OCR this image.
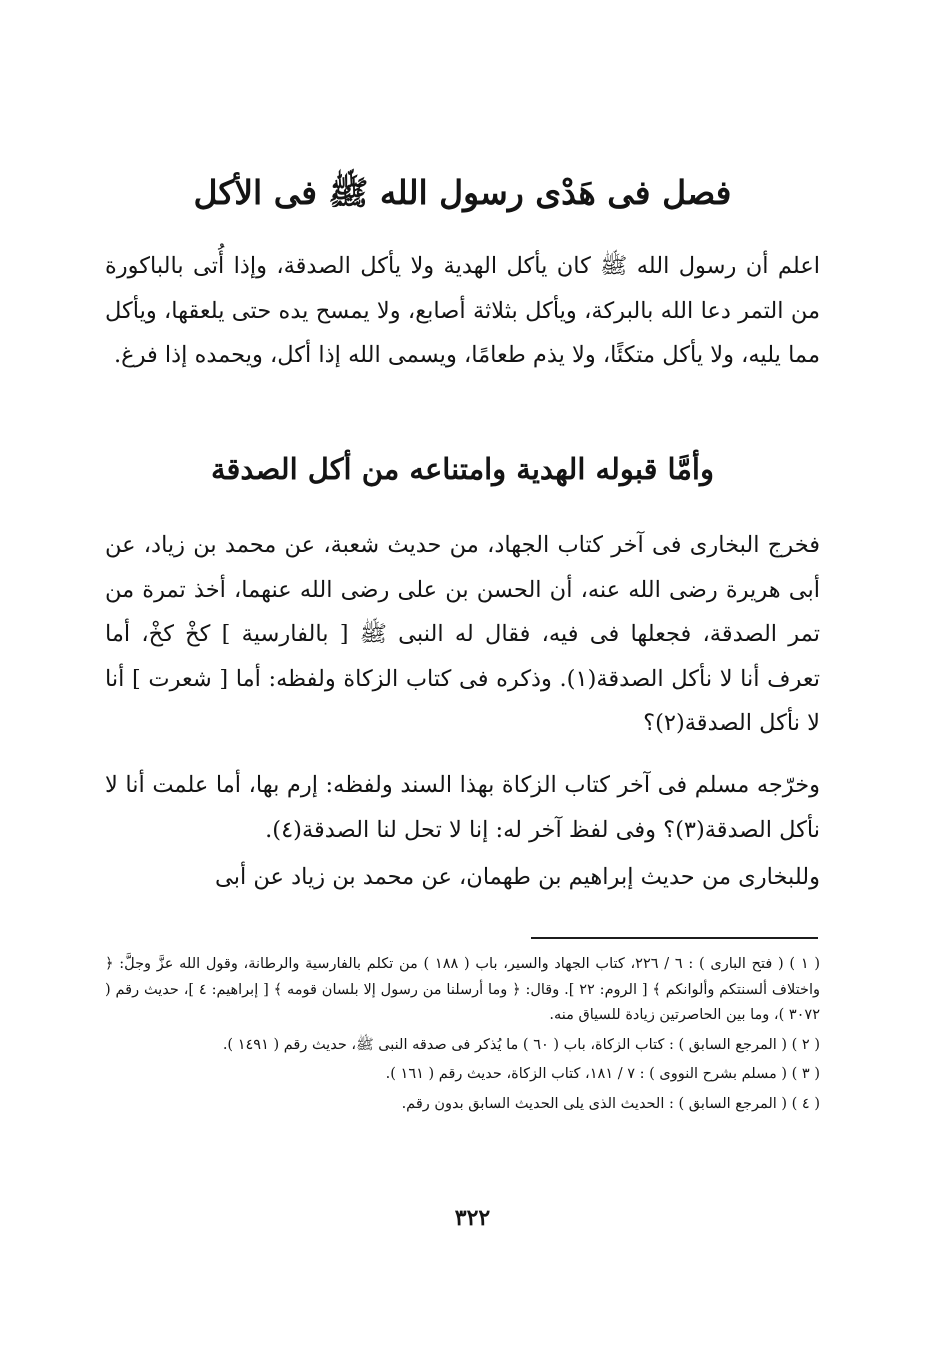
فصل فى هَدْى رسول الله ﷺ فى الأكل
اعلم أن رسول الله ﷺ كان يأكل الهدية ولا يأكل الصدقة، وإذا أُتى بالباكورة من التمر دعا الله بالبركة، ويأكل بثلاثة أصابع، ولا يمسح يده حتى يلعقها، ويأكل مما يليه، ولا يأكل متكئًا، ولا يذم طعامًا، ويسمى الله إذا أكل، ويحمده إذا فرغ.
وأمَّا قبوله الهدية وامتناعه من أكل الصدقة
فخرج البخارى فى آخر كتاب الجهاد، من حديث شعبة، عن محمد بن زياد، عن أبى هريرة رضى الله عنه، أن الحسن بن على رضى الله عنهما، أخذ تمرة من تمر الصدقة، فجعلها فى فيه، فقال له النبى ﷺ [ بالفارسية ] كخْ كخْ، أما تعرف أنا لا نأكل الصدقة(١). وذكره فى كتاب الزكاة ولفظه: أما [ شعرت ] أنا لا نأكل الصدقة(٢)؟
وخرّجه مسلم فى آخر كتاب الزكاة بهذا السند ولفظه: إرم بها، أما علمت أنا لا نأكل الصدقة(٣)؟ وفى لفظ آخر له: إنا لا تحل لنا الصدقة(٤).
وللبخارى من حديث إبراهيم بن طهمان، عن محمد بن زياد عن أبى

( ١ ) ( فتح البارى ) : ٦ / ٢٢٦، كتاب الجهاد والسير، باب ( ١٨٨ ) من تكلم بالفارسية والرطانة، وقول الله عزَّ وجلَّ: ﴿ واختلاف ألسنتكم وألوانكم ﴾ [ الروم: ٢٢ ]. وقال: ﴿ وما أرسلنا من رسول إلا بلسان قومه ﴾ [ إبراهيم: ٤ ]، حديث رقم ( ٣٠٧٢ )، وما بين الحاصرتين زيادة للسياق منه.

( ٢ ) ( المرجع السابق ) : كتاب الزكاة، باب ( ٦٠ ) ما يُذكر فى صدقه النبى ﷺ، حديث رقم ( ١٤٩١ ).

( ٣ ) ( مسلم بشرح النووى ) : ٧ / ١٨١، كتاب الزكاة، حديث رقم ( ١٦١ ).

( ٤ ) ( المرجع السابق ) : الحديث الذى يلى الحديث السابق بدون رقم.

٣٢٢
